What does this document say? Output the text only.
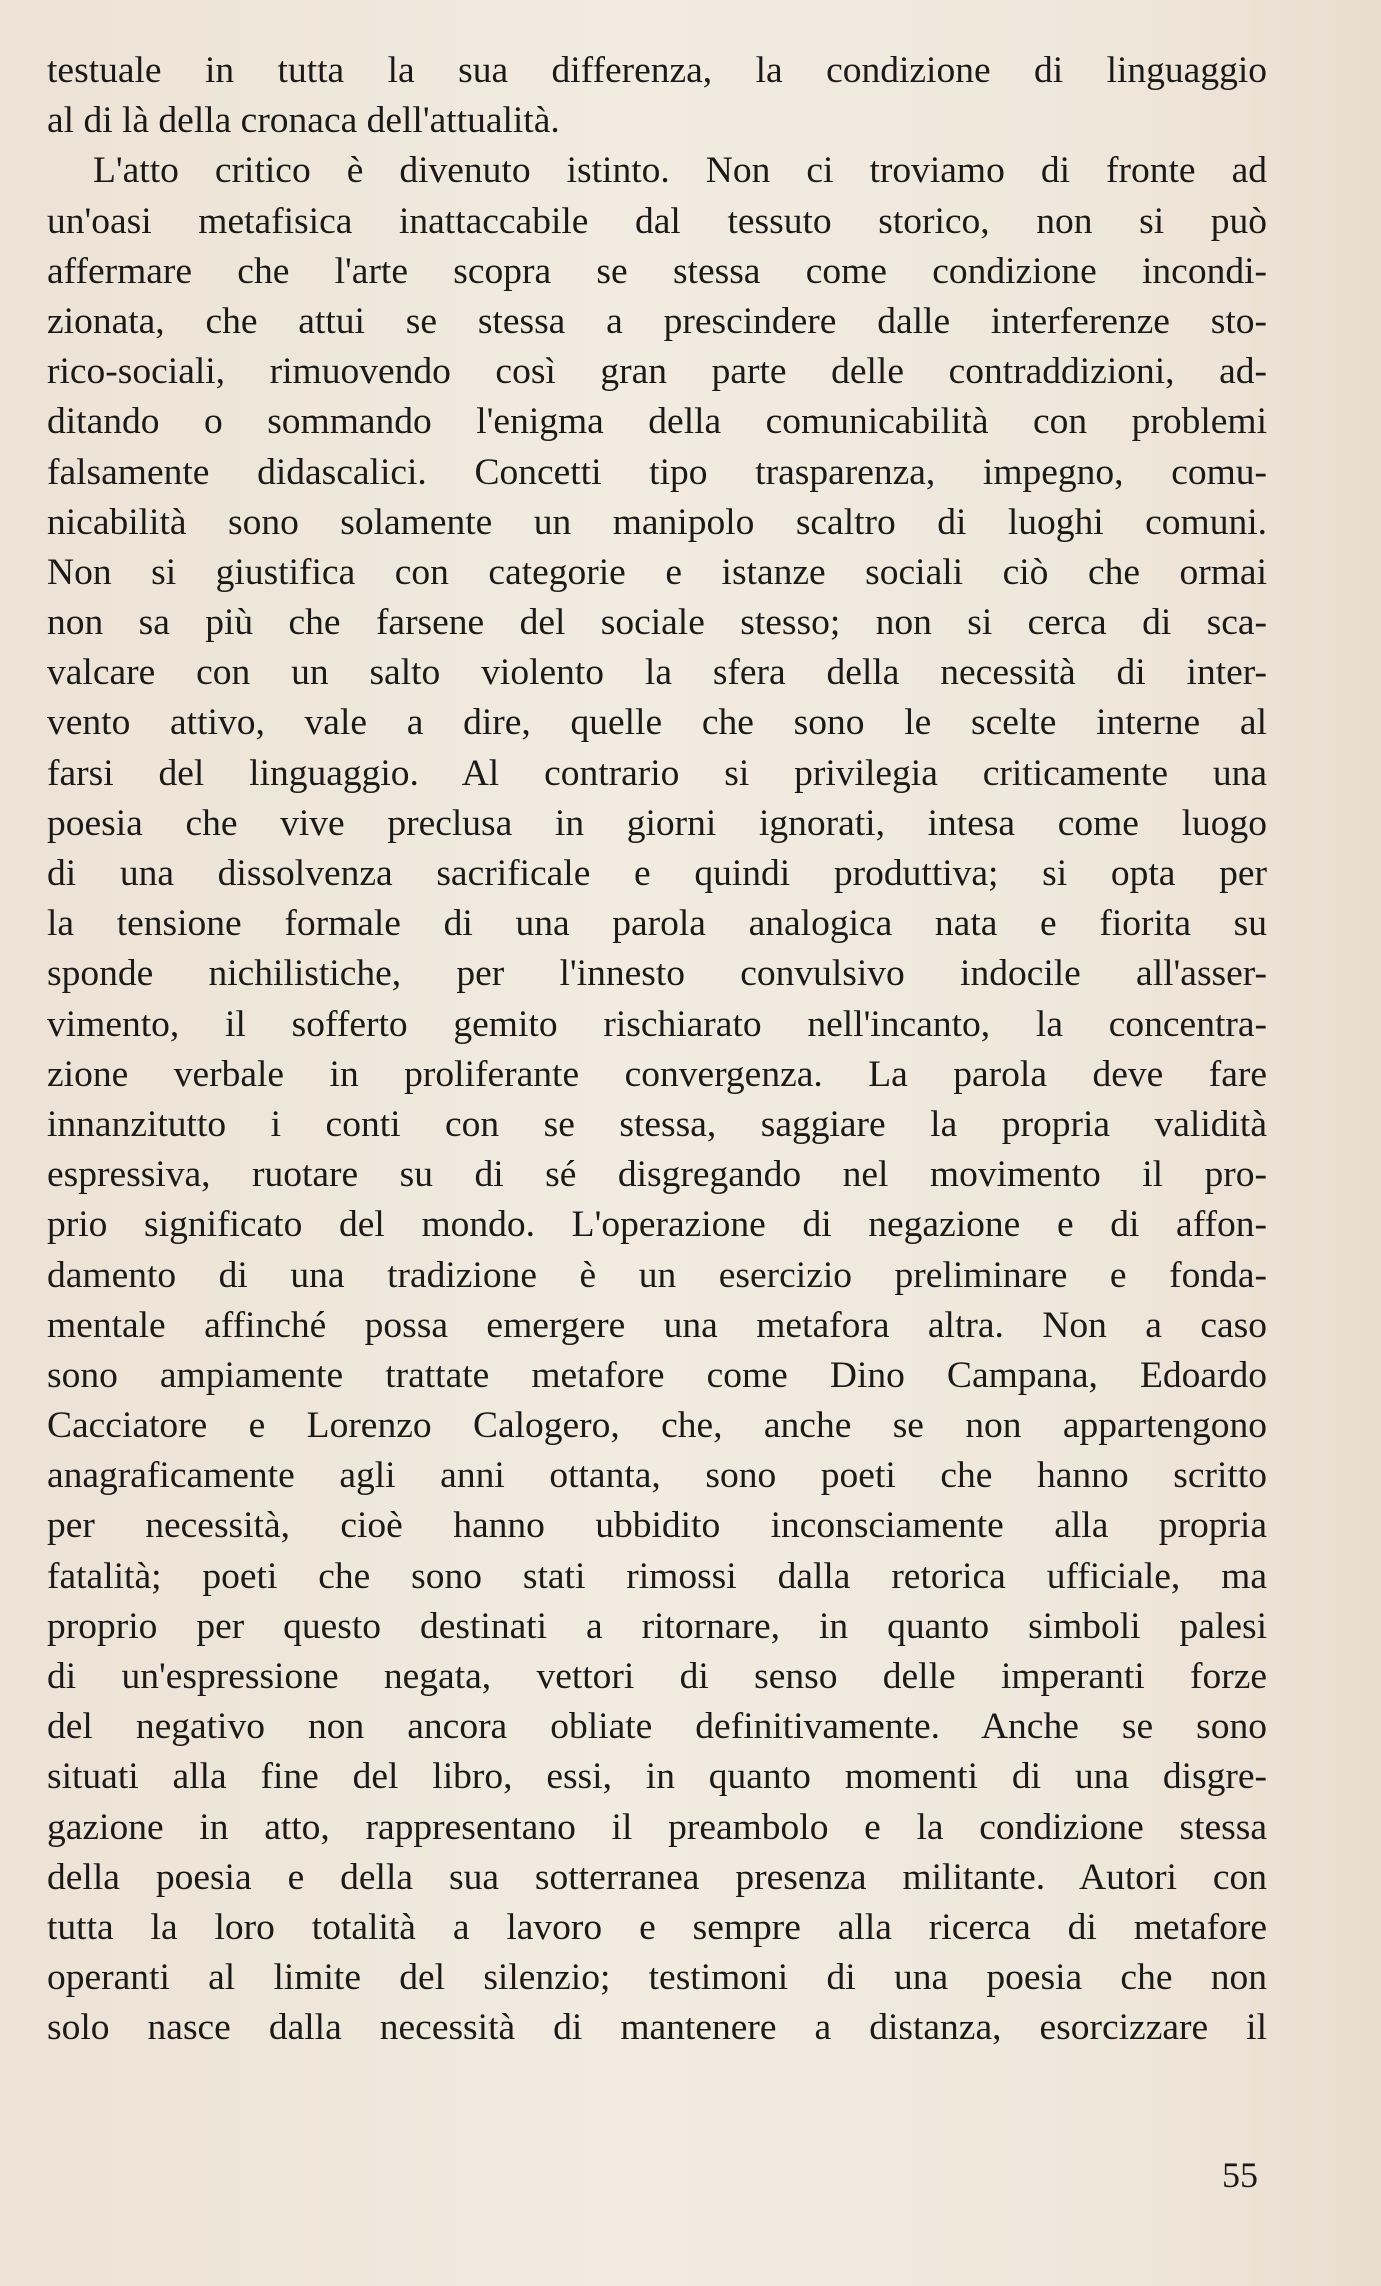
testuale in tutta la sua differenza, la condizione di linguaggio
al di là della cronaca dell'attualità.
L'atto critico è divenuto istinto. Non ci troviamo di fronte ad
un'oasi metafisica inattaccabile dal tessuto storico, non si può
affermare che l'arte scopra se stessa come condizione incondi-
zionata, che attui se stessa a prescindere dalle interferenze sto-
rico-sociali, rimuovendo così gran parte delle contraddizioni, ad-
ditando o sommando l'enigma della comunicabilità con problemi
falsamente didascalici. Concetti tipo trasparenza, impegno, comu-
nicabilità sono solamente un manipolo scaltro di luoghi comuni.
Non si giustifica con categorie e istanze sociali ciò che ormai
non sa più che farsene del sociale stesso; non si cerca di sca-
valcare con un salto violento la sfera della necessità di inter-
vento attivo, vale a dire, quelle che sono le scelte interne al
farsi del linguaggio. Al contrario si privilegia criticamente una
poesia che vive preclusa in giorni ignorati, intesa come luogo
di una dissolvenza sacrificale e quindi produttiva; si opta per
la tensione formale di una parola analogica nata e fiorita su
sponde nichilistiche, per l'innesto convulsivo indocile all'asser-
vimento, il sofferto gemito rischiarato nell'incanto, la concentra-
zione verbale in proliferante convergenza. La parola deve fare
innanzitutto i conti con se stessa, saggiare la propria validità
espressiva, ruotare su di sé disgregando nel movimento il pro-
prio significato del mondo. L'operazione di negazione e di affon-
damento di una tradizione è un esercizio preliminare e fonda-
mentale affinché possa emergere una metafora altra. Non a caso
sono ampiamente trattate metafore come Dino Campana, Edoardo
Cacciatore e Lorenzo Calogero, che, anche se non appartengono
anagraficamente agli anni ottanta, sono poeti che hanno scritto
per necessità, cioè hanno ubbidito inconsciamente alla propria
fatalità; poeti che sono stati rimossi dalla retorica ufficiale, ma
proprio per questo destinati a ritornare, in quanto simboli palesi
di un'espressione negata, vettori di senso delle imperanti forze
del negativo non ancora obliate definitivamente. Anche se sono
situati alla fine del libro, essi, in quanto momenti di una disgre-
gazione in atto, rappresentano il preambolo e la condizione stessa
della poesia e della sua sotterranea presenza militante. Autori con
tutta la loro totalità a lavoro e sempre alla ricerca di metafore
operanti al limite del silenzio; testimoni di una poesia che non
solo nasce dalla necessità di mantenere a distanza, esorcizzare il
55
